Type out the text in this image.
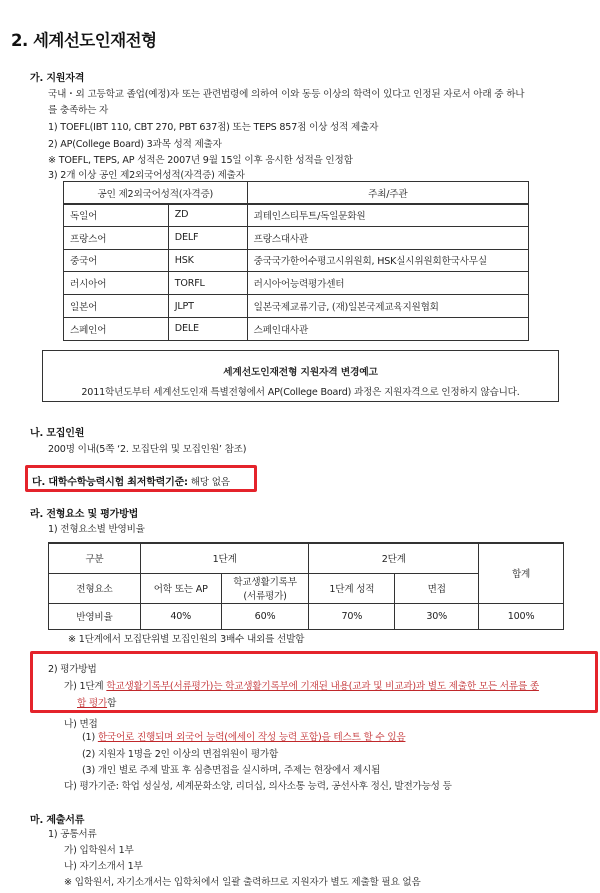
2. 세계선도인재전형
가. 지원자격
국내・외 고등학교 졸업(예정)자 또는 관련법령에 의하여 이와 동등 이상의 학력이 있다고 인정된 자로서 아래 중 하나
를 충족하는 자
1) TOEFL(IBT 110, CBT 270, PBT 637점) 또는 TEPS 857점 이상 성적 제출자
2) AP(College Board) 3과목 성적 제출자
※ TOEFL, TEPS, AP 성적은 2007년 9월 15일 이후 응시한 성적을 인정함
3) 2개 이상 공인 제2외국어성적(자격증) 제출자
공인 제2외국어성적(자격증)	주최/주관
독일어	ZD	괴테인스티투트/독일문화원
프랑스어	DELF	프랑스대사관
중국어	HSK	중국국가한어수평고시위원회, HSK실시위원회한국사무실
러시아어	TORFL	러시아어능력평가센터
일본어	JLPT	일본국제교류기금, (재)일본국제교육지원협회
스페인어	DELE	스페인대사관
세계선도인재전형 지원자격 변경예고
2011학년도부터 세계선도인재 특별전형에서 AP(College Board) 과정은 지원자격으로 인정하지 않습니다.
나. 모집인원
200명 이내(5쪽 ‘2. 모집단위 및 모집인원’ 참조)
다. 대학수학능력시험 최저학력기준: 해당 없음
라. 전형요소 및 평가방법
1) 전형요소별 반영비율
구분	1단계		2단계		합계
전형요소	어학 또는 AP	학교생활기록부
(서류평가)	1단계 성적	면접	
반영비율	40%	60%	70%	30%	100%
※ 1단계에서 모집단위별 모집인원의 3배수 내외를 선발함
2) 평가방법
가) 1단계 학교생활기록부(서류평가)는 학교생활기록부에 기재된 내용(교과 및 비교과)과 별도 제출한 모든 서류를 종
합 평가함
나) 면접
(1) 한국어로 진행되며 외국어 능력(에세이 작성 능력 포함)을 테스트 할 수 있음
(2) 지원자 1명을 2인 이상의 면접위원이 평가함
(3) 개인 별로 주제 발표 후 심층면접을 실시하며, 주제는 현장에서 제시됨
다) 평가기준: 학업 성실성, 세계문화소양, 리더십, 의사소통 능력, 공선사후 정신, 발전가능성 등
마. 제출서류
1) 공통서류
가) 입학원서 1부
나) 자기소개서 1부
※ 입학원서, 자기소개서는 입학처에서 일괄 출력하므로 지원자가 별도 제출할 필요 없음
